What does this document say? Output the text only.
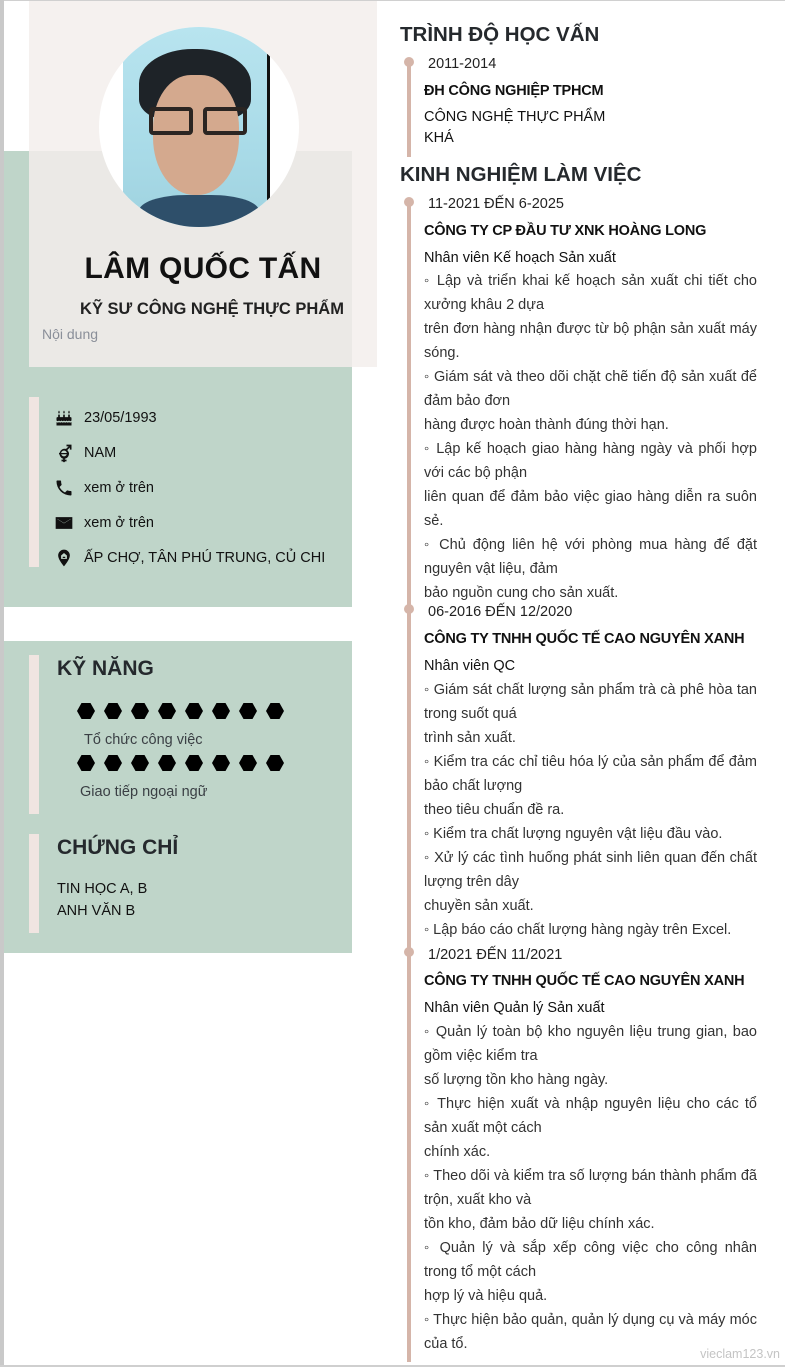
LÂM QUỐC TẤN
KỸ SƯ CÔNG NGHỆ THỰC PHẨM
Nội dung
23/05/1993
NAM
xem ở trên
xem ở trên
ẤP CHỢ, TÂN PHÚ TRUNG, CỦ CHI
KỸ NĂNG
Tổ chức công việc
Giao tiếp ngoại ngữ
CHỨNG CHỈ
TIN HỌC A, B
ANH VĂN B
TRÌNH ĐỘ HỌC VẤN
2011-2014
ĐH CÔNG NGHIỆP TPHCM
CÔNG NGHỆ THỰC PHẨM
KHÁ
KINH NGHIỆM LÀM VIỆC
11-2021 ĐẾN 6-2025
CÔNG TY CP ĐẦU TƯ XNK HOÀNG LONG
Nhân viên Kế hoạch Sản xuất
◦ Lập và triển khai kế hoạch sản xuất chi tiết cho xưởng khâu 2 dựa
trên đơn hàng nhận được từ bộ phận sản xuất máy sóng.
◦ Giám sát và theo dõi chặt chẽ tiến độ sản xuất để đảm bảo đơn
hàng được hoàn thành đúng thời hạn.
◦ Lập kế hoạch giao hàng hàng ngày và phối hợp với các bộ phận
liên quan để đảm bảo việc giao hàng diễn ra suôn sẻ.
◦ Chủ động liên hệ với phòng mua hàng để đặt nguyên vật liệu, đảm
bảo nguồn cung cho sản xuất.
06-2016 ĐẾN 12/2020
CÔNG TY TNHH QUỐC TẾ CAO NGUYÊN XANH
Nhân viên QC
◦ Giám sát chất lượng sản phẩm trà cà phê hòa tan trong suốt quá
trình sản xuất.
◦ Kiểm tra các chỉ tiêu hóa lý của sản phẩm để đảm bảo chất lượng
theo tiêu chuẩn đề ra.
◦ Kiểm tra chất lượng nguyên vật liệu đầu vào.
◦ Xử lý các tình huống phát sinh liên quan đến chất lượng trên dây
chuyền sản xuất.
◦ Lập báo cáo chất lượng hàng ngày trên Excel.
1/2021 ĐẾN 11/2021
CÔNG TY TNHH QUỐC TẾ CAO NGUYÊN XANH
Nhân viên Quản lý Sản xuất
◦ Quản lý toàn bộ kho nguyên liệu trung gian, bao gồm việc kiểm tra
số lượng tồn kho hàng ngày.
◦ Thực hiện xuất và nhập nguyên liệu cho các tổ sản xuất một cách
chính xác.
◦ Theo dõi và kiểm tra số lượng bán thành phẩm đã trộn, xuất kho và
tồn kho, đảm bảo dữ liệu chính xác.
◦ Quản lý và sắp xếp công việc cho công nhân trong tổ một cách
hợp lý và hiệu quả.
◦ Thực hiện bảo quản, quản lý dụng cụ và máy móc của tổ.
vieclam123.vn
